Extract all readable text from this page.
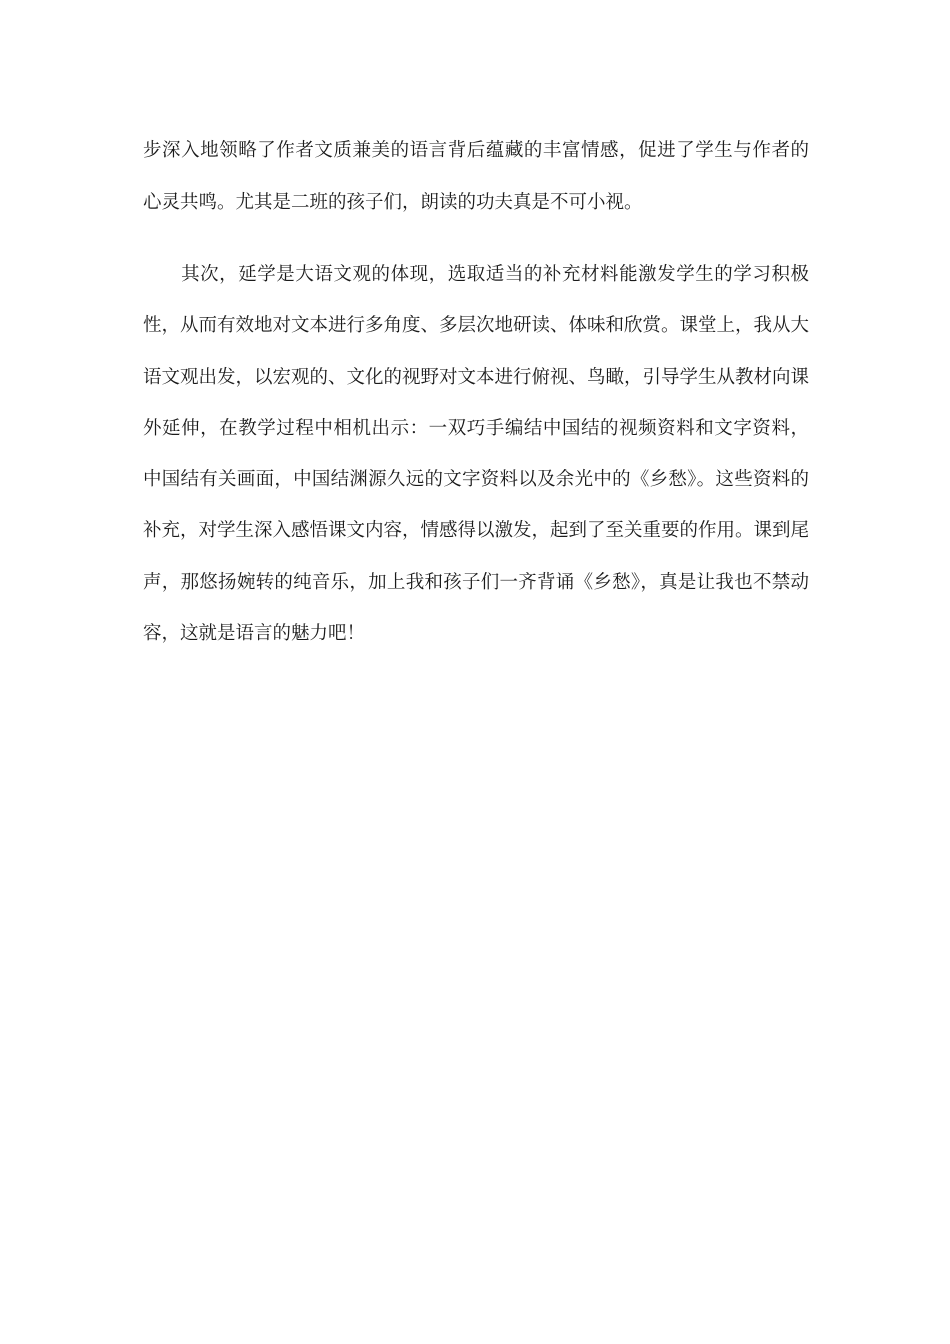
步深入地领略了作者文质兼美的语言背后蕴藏的丰富情感，促进了学生与作者的
心灵共鸣。尤其是二班的孩子们，朗读的功夫真是不可小视。
　　其次，延学是大语文观的体现，选取适当的补充材料能激发学生的学习积极
性，从而有效地对文本进行多角度、多层次地研读、体味和欣赏。课堂上，我从大
语文观出发，以宏观的、文化的视野对文本进行俯视、鸟瞰，引导学生从教材向课
外延伸，在教学过程中相机出示：一双巧手编结中国结的视频资料和文字资料，
中国结有关画面，中国结渊源久远的文字资料以及余光中的《乡愁》。这些资料的
补充，对学生深入感悟课文内容，情感得以激发，起到了至关重要的作用。课到尾
声，那悠扬婉转的纯音乐，加上我和孩子们一齐背诵《乡愁》，真是让我也不禁动
容，这就是语言的魅力吧！
